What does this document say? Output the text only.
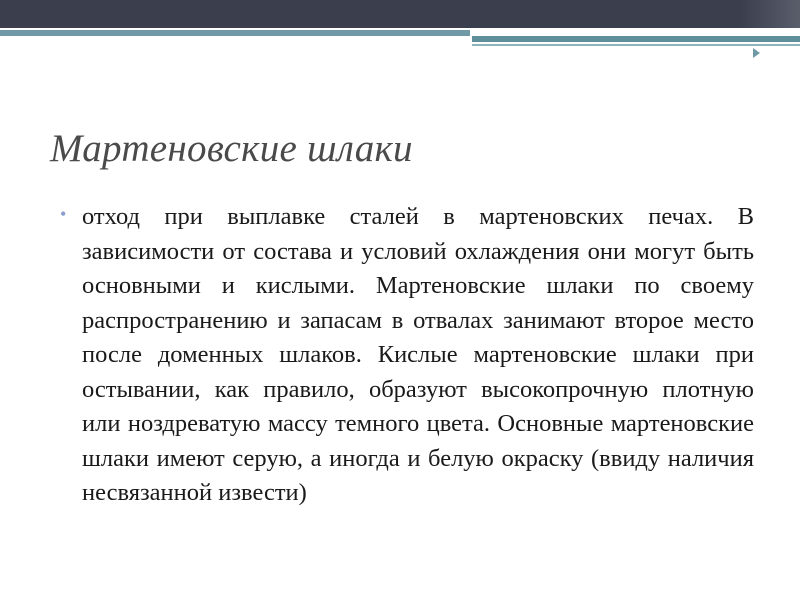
Мартеновские шлаки
• отход при выплавке сталей в мартеновских печах. В зависимости от состава и условий охлаждения они могут быть основными и кислыми. Мартеновские шлаки по своему распространению и запасам в отвалах занимают второе место после доменных шлаков. Кислые мартеновские шлаки при остывании, как правило, образуют высокопрочную плотную или ноздреватую массу темного цвета. Основные мартеновские шлаки имеют серую, а иногда и белую окраску (ввиду наличия несвязанной извести)
